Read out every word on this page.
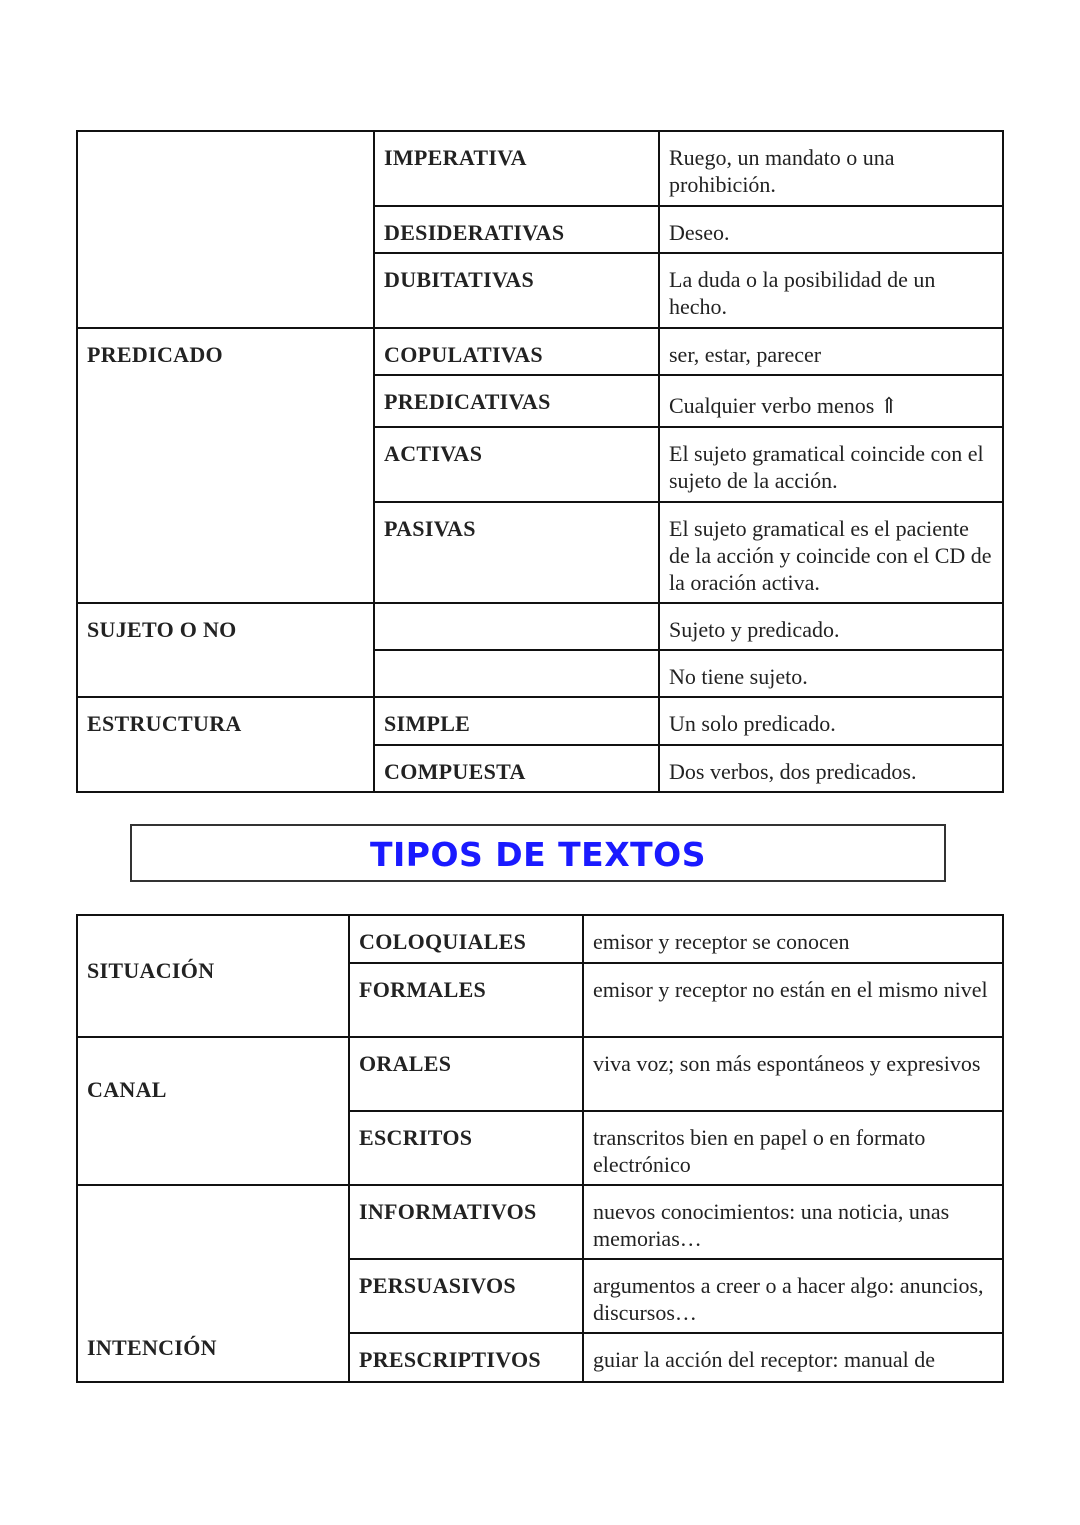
	IMPERATIVA	Ruego, un mandato o una prohibición.
	DESIDERATIVAS	Deseo.
	DUBITATIVAS	La duda o la posibilidad de un hecho.
PREDICADO	COPULATIVAS	ser, estar, parecer
	PREDICATIVAS	Cualquier verbo menos ⇑
	ACTIVAS	El sujeto gramatical coincide con el sujeto de la acción.
	PASIVAS	El sujeto gramatical es el paciente de la acción y coincide con el CD de la oración activa.
SUJETO O NO		Sujeto y predicado.
		No tiene sujeto.
ESTRUCTURA	SIMPLE	Un solo predicado.
	COMPUESTA	Dos verbos, dos predicados.
TIPOS DE TEXTOS
SITUACIÓN	COLOQUIALES	emisor y receptor se conocen
	FORMALES	emisor y receptor no están en el mismo nivel
CANAL	ORALES	viva voz; son más espontáneos y expresivos
	ESCRITOS	transcritos bien en papel o en formato electrónico
INTENCIÓN	INFORMATIVOS	nuevos conocimientos: una noticia, unas memorias…
	PERSUASIVOS	argumentos a creer o a hacer algo: anuncios, discursos…
	PRESCRIPTIVOS	guiar la acción del receptor: manual de
